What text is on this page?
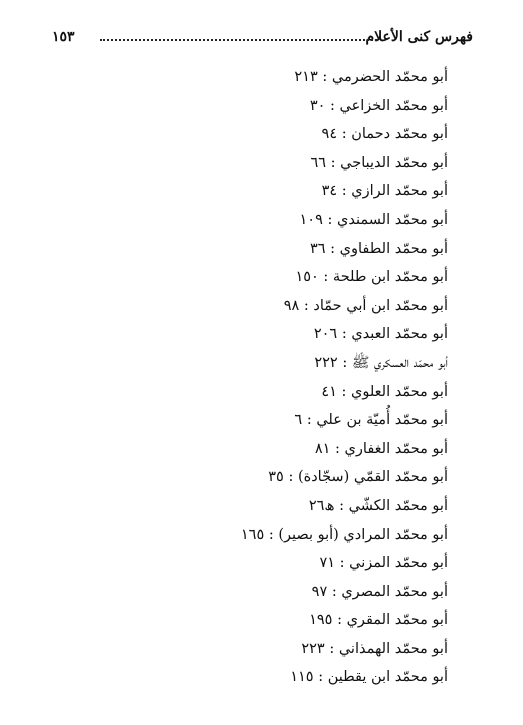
فهرس كنى الأعلام
١٥٣
أبو محمّد الحضرمي : ٢١٣
أبو محمّد الخزاعي : ٣٠
أبو محمّد دحمان : ٩٤
أبو محمّد الديباجي : ٦٦
أبو محمّد الرازي : ٣٤
أبو محمّد السمندي : ١٠٩
أبو محمّد الطفاوي : ٣٦
أبو محمّد ابن طلحة : ١٥٠
أبو محمّد ابن أبي حمّاد : ٩٨
أبو محمّد العبدي : ٢٠٦
أبو محمّد العسكري ﷺ : ٢٢٢
أبو محمّد العلوي : ٤١
أبو محمّد أُميّة بن علي : ٦
أبو محمّد الغفاري : ٨١
أبو محمّد القمّي (سجّادة) : ٣٥
أبو محمّد الكشّي : ھ٢٦
أبو محمّد المرادي (أبو بصير) : ١٦٥
أبو محمّد المزني : ٧١
أبو محمّد المصري : ٩٧
أبو محمّد المقري : ١٩٥
أبو محمّد الهمذاني : ٢٢٣
أبو محمّد ابن يقطين : ١١٥
